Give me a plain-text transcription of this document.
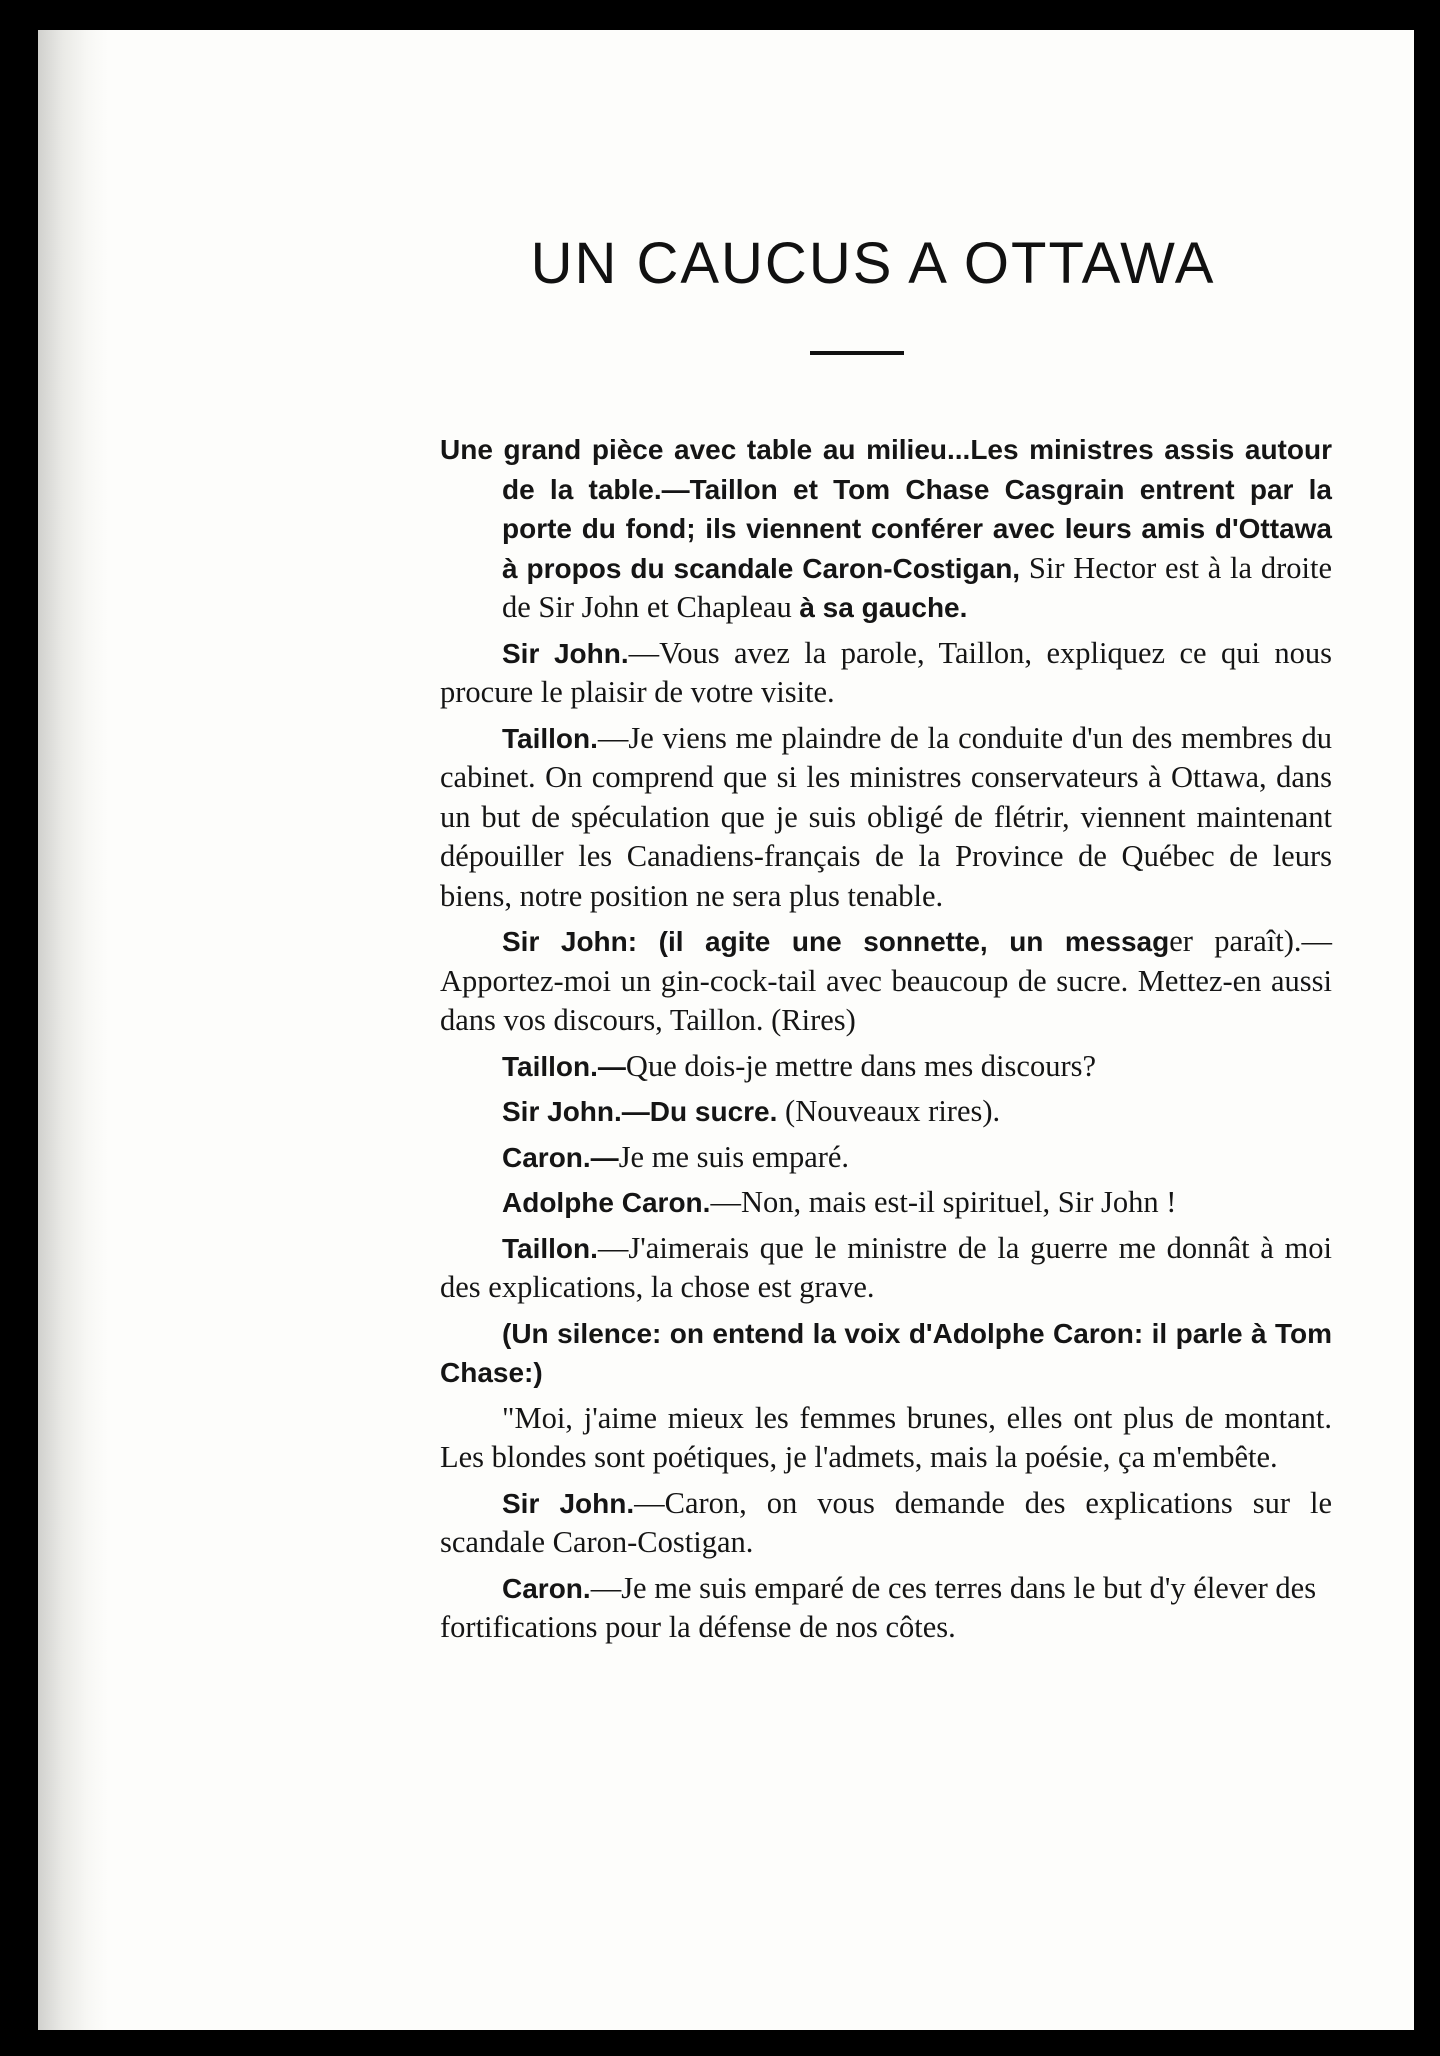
UN CAUCUS A OTTAWA

Une grand pièce avec table au milieu...Les ministres assis autour de la table.—Taillon et Tom Chase Casgrain entrent par la porte du fond; ils viennent conférer avec leurs amis d'Ottawa à propos du scandale Caron-Costigan, Sir Hector est à la droite de Sir John et Chapleau à sa gauche.

Sir John.—Vous avez la parole, Taillon, expliquez ce qui nous procure le plaisir de votre visite.

Taillon.—Je viens me plaindre de la conduite d'un des membres du cabinet. On comprend que si les ministres conservateurs à Ottawa, dans un but de spéculation que je suis obligé de flétrir, viennent maintenant dépouiller les Canadiens-français de la Province de Québec de leurs biens, notre position ne sera plus tenable.

Sir John: (il agite une sonnette, un messager paraît).—Apportez-moi un gin-cock-tail avec beaucoup de sucre. Mettez-en aussi dans vos discours, Taillon. (Rires)

Taillon.—Que dois-je mettre dans mes discours?

Sir John.—Du sucre. (Nouveaux rires).

Caron.—Je me suis emparé.

Adolphe Caron.—Non, mais est-il spirituel, Sir John !

Taillon.—J'aimerais que le ministre de la guerre me donnât à moi des explications, la chose est grave.

(Un silence: on entend la voix d'Adolphe Caron: il parle à Tom Chase:)

"Moi, j'aime mieux les femmes brunes, elles ont plus de montant. Les blondes sont poétiques, je l'admets, mais la poésie, ça m'embête.

Sir John.—Caron, on vous demande des explications sur le scandale Caron-Costigan.

Caron.—Je me suis emparé de ces terres dans le but d'y élever des fortifications pour la défense de nos côtes.
